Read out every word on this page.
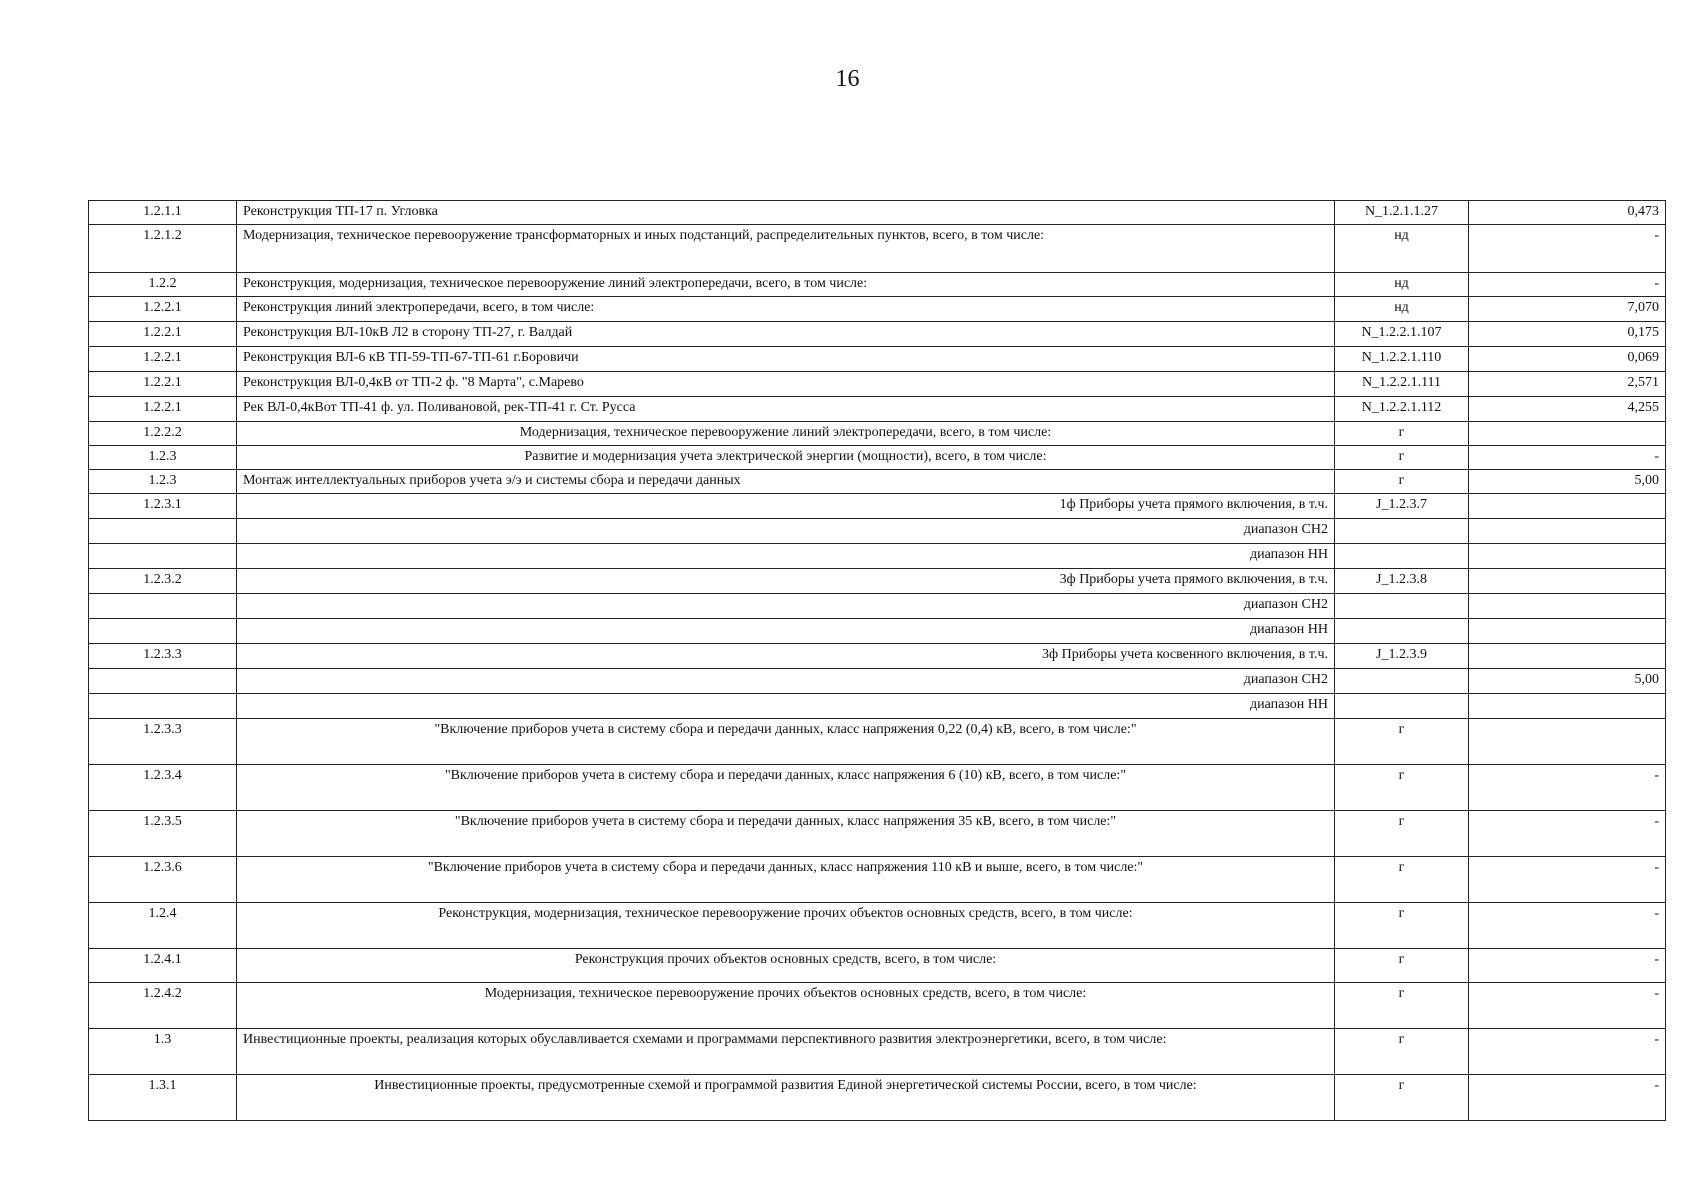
16
1.2.1.1	Реконструкция ТП-17 п. Угловка	N_1.2.1.1.27	0,473
1.2.1.2	Модернизация, техническое перевооружение трансформаторных и иных подстанций, распределительных пунктов, всего, в том числе:	нд	-
1.2.2	Реконструкция, модернизация, техническое перевооружение линий электропередачи, всего, в том числе:	нд	-
1.2.2.1	Реконструкция линий электропередачи, всего, в том числе:	нд	7,070
1.2.2.1	Реконструкция ВЛ-10кВ Л2 в сторону ТП-27, г. Валдай	N_1.2.2.1.107	0,175
1.2.2.1	Реконструкция ВЛ-6 кВ ТП-59-ТП-67-ТП-61 г.Боровичи	N_1.2.2.1.110	0,069
1.2.2.1	Реконструкция ВЛ-0,4кВ от ТП-2 ф. "8 Марта", с.Марево	N_1.2.2.1.111	2,571
1.2.2.1	Рек ВЛ-0,4кВот ТП-41 ф. ул. Поливановой, рек-ТП-41 г. Ст. Русса	N_1.2.2.1.112	4,255
1.2.2.2	Модернизация, техническое перевооружение линий электропередачи, всего, в том числе:	г	
1.2.3	Развитие и модернизация учета электрической энергии (мощности), всего, в том числе:	г	-
1.2.3	Монтаж интеллектуальных приборов учета э/э и системы сбора и передачи данных	г	5,00
1.2.3.1	1ф Приборы учета прямого включения, в т.ч.	J_1.2.3.7	
	диапазон СН2		
	диапазон НН		
1.2.3.2	3ф Приборы учета прямого включения, в т.ч.	J_1.2.3.8	
	диапазон СН2		
	диапазон НН		
1.2.3.3	3ф Приборы учета косвенного включения, в т.ч.	J_1.2.3.9	
	диапазон СН2		5,00
	диапазон НН		
1.2.3.3	"Включение приборов учета в систему сбора и передачи данных, класс напряжения 0,22 (0,4) кВ, всего, в том числе:"	г	
1.2.3.4	"Включение приборов учета в систему сбора и передачи данных, класс напряжения 6 (10) кВ, всего, в том числе:"	г	-
1.2.3.5	"Включение приборов учета в систему сбора и передачи данных, класс напряжения 35 кВ, всего, в том числе:"	г	-
1.2.3.6	"Включение приборов учета в систему сбора и передачи данных, класс напряжения 110 кВ и выше, всего, в том числе:"	г	-
1.2.4	Реконструкция, модернизация, техническое перевооружение прочих объектов основных средств, всего, в том числе:	г	-
1.2.4.1	Реконструкция прочих объектов основных средств, всего, в том числе:	г	-
1.2.4.2	Модернизация, техническое перевооружение прочих объектов основных средств, всего, в том числе:	г	-
1.3	Инвестиционные проекты, реализация которых обуславливается схемами и программами перспективного развития электроэнергетики, всего, в том числе:	г	-
1.3.1	Инвестиционные проекты, предусмотренные схемой и программой развития Единой энергетической системы России, всего, в том числе:	г	-
